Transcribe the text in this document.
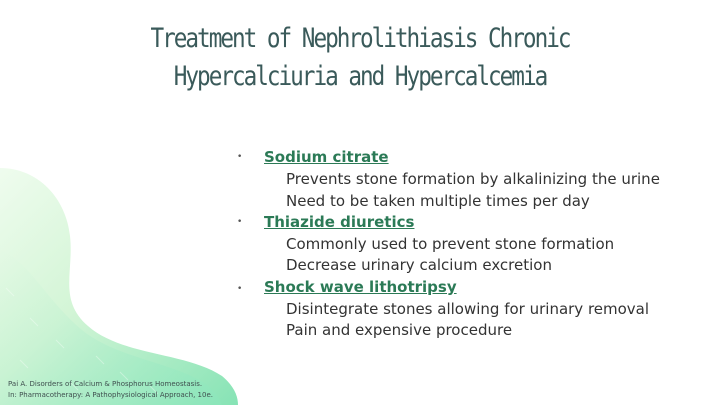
Treatment of Nephrolithiasis Chronic Hypercalciuria and Hypercalcemia
• Sodium citrate
Prevents stone formation by alkalinizing the urine
Need to be taken multiple times per day
• Thiazide diuretics
Commonly used to prevent stone formation
Decrease urinary calcium excretion
• Shock wave lithotripsy
Disintegrate stones allowing for urinary removal
Pain and expensive procedure
Pai A. Disorders of Calcium & Phosphorus Homeostasis.
In: Pharmacotherapy: A Pathophysiological Approach, 10e.
